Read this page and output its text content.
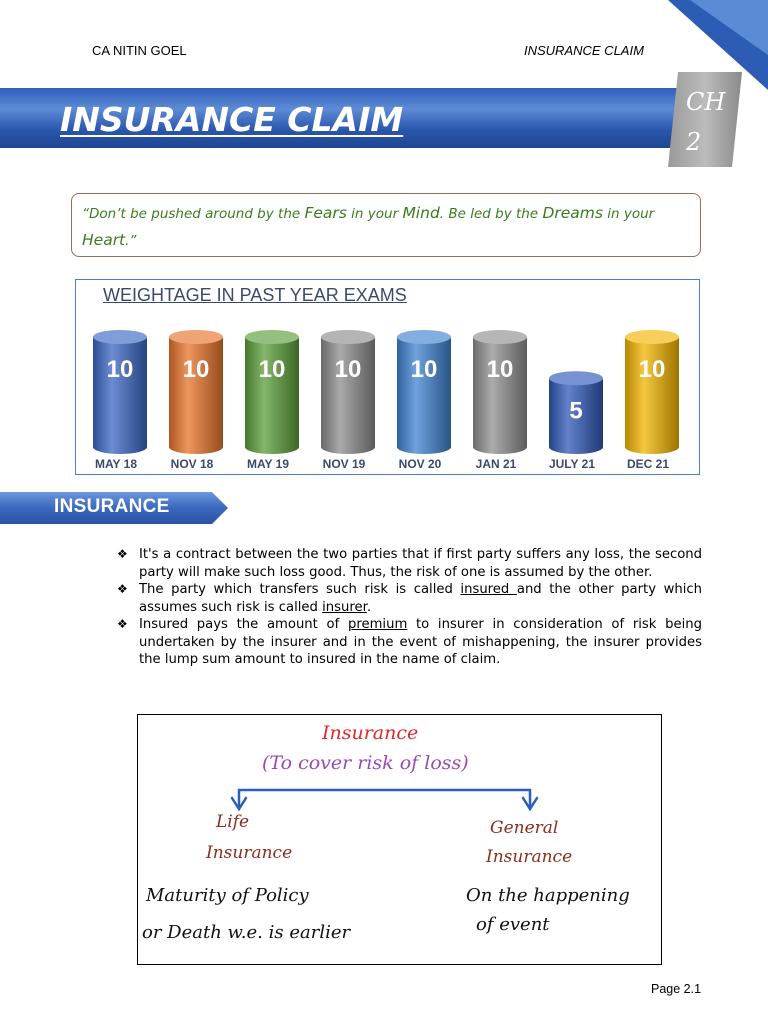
CA NITIN GOEL	INSURANCE CLAIM
INSURANCE CLAIM	CH
2
“Don’t be pushed around by the Fears in your Mind. Be led by the Dreams in your Heart.”
WEIGHTAGE IN PAST YEAR EXAMS
10
MAY 18
10
NOV 18
10
MAY 19
10
NOV 19
10
NOV 20
10
JAN 21
5
JULY 21
10
DEC 21
INSURANCE
❖ It's a contract between the two parties that if first party suffers any loss, the second party will make such loss good. Thus, the risk of one is assumed by the other.
❖ The party which transfers such risk is called insured and the other party which assumes such risk is called insurer.
❖ Insured pays the amount of premium to insurer in consideration of risk being undertaken by the insurer and in the event of mishappening, the insurer provides the lump sum amount to insured in the name of claim.
Insurance
(To cover risk of loss)
Life
Insurance
General
Insurance
Maturity of Policy
or Death w.e. is earlier
On the happening
of event
Page 2.1
